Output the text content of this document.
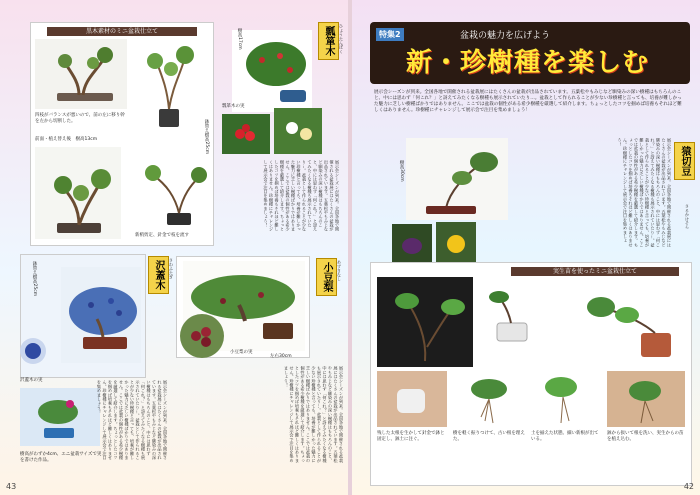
黒木素材のミニ盆栽仕立て
四枝がバランスが悪いので、前の左に移り幹を左から切断した。	鉢替え樹高25cm
前面・植え替え後　樹高13cm
新梢剪定、針金で枝を流す
瓢箪木	ひょうたんぼく
樹高17cm
瓢箪木の実
展示会シーズンが到来。全国各地で開催される盆栽展にはたくさんの盆栽が出品されています。五葉松やもみじなど馴染みの深い樹種はもちろんのこと、中には思わず「何これ？」と訝えてみたくなる樹種も展示されていたり…。盆栽として作られることが少ない珍樹種と言っても、培養が難しかった魅力に乏しい樹種ばかりではありません。ここでは盆栽の個性がある希少樹種を厳選して紹介します。ちょっとしたコツを掴めば培養もそれほど難しくはありません。珍樹種にチャレンジして展示会で注目を集めましょう！
鉢替え樹高25cm	沢蓋木	さわふたぎ
沢蓋木の実
樹高がわずか4cm、エニ盆栽サイズで実を書けた作品。
展示会シーズンが到来。全国各地で開催される盆栽展にはたくさんの盆栽が出品されています。五葉松やもみじなど馴染みの深い樹種はもちろんのこと、中には思わず「何これ？」と訝えてみたくなる樹種も展示されていたり…。盆栽として作られることが少ない珍樹種と言っても、培養が難しかった魅力に乏しい樹種ばかりではありません。ここでは盆栽の個性がある希少樹種を厳選して紹介します。ちょっとしたコツを掴めば培養もそれほど難しくはありません。珍樹種にチャレンジして展示会で注目を集めましょう！
小豆梨	あずきなし
小豆梨の実
左右30cm
展示会シーズンが到来。全国各地で開催される盆栽展にはたくさんの盆栽が出品されています。五葉松やもみじなど馴染みの深い樹種はもちろんのこと、中には思わず「何これ？」と訝えてみたくなる樹種も展示されていたり…。盆栽として作られることが少ない珍樹種と言っても、培養が難しかった魅力に乏しい樹種ばかりではありません。ここでは盆栽の個性がある希少樹種を厳選して紹介します。ちょっとしたコツを掴めば培養もそれほど難しくはありません。珍樹種にチャレンジして展示会で注目を集めましょう！
43
特集2	盆栽の魅力を広げよう
新・珍樹種を楽しむ
展示会シーズンが到来。全国各地で開催される盆栽展にはたくさんの盆栽が出品されています。五葉松やもみじなど馴染みの深い樹種はもちろんのこと、中には思わず「何これ？」と訝えてみたくなる樹種も展示されていたり…。盆栽として作られることが少ない珍樹種と言っても、培養が難しかった魅力に乏しい樹種ばかりではありません。ここでは盆栽の個性がある希少樹種を厳選して紹介します。ちょっとしたコツを掴めば培養もそれほど難しくはありません。珍樹種にチャレンジして展示会で注目を集めましょう！
猿切豆
さるかけそら
樹高30cm	展示会シーズンが到来。全国各地で開催される盆栽展にはたくさんの盆栽が出品されています。五葉松やもみじなど馴染みの深い樹種はもちろんのこと、中には思わず「何これ？」と訝えてみたくなる樹種も展示されていたり…。盆栽として作られることが少ない珍樹種と言っても、培養が難しかった魅力に乏しい樹種ばかりではありません。ここでは盆栽の個性がある希少樹種を厳選して紹介します。ちょっとしたコツを掴めば培養もそれほど難しくはありません。珍樹種にチャレンジして展示会で注目を集めましょう！
実生苗を使ったミニ盆栽仕立て
残した太根を生かして針金で鉢と固定し、鉢土に注ぐ。
樹を軽く振りつけて、古い根を理えた。
土を揃えた状態。細い新根が出ている。
鉢から抜いて根を洗い、実生からの苗を植え込む。
42
